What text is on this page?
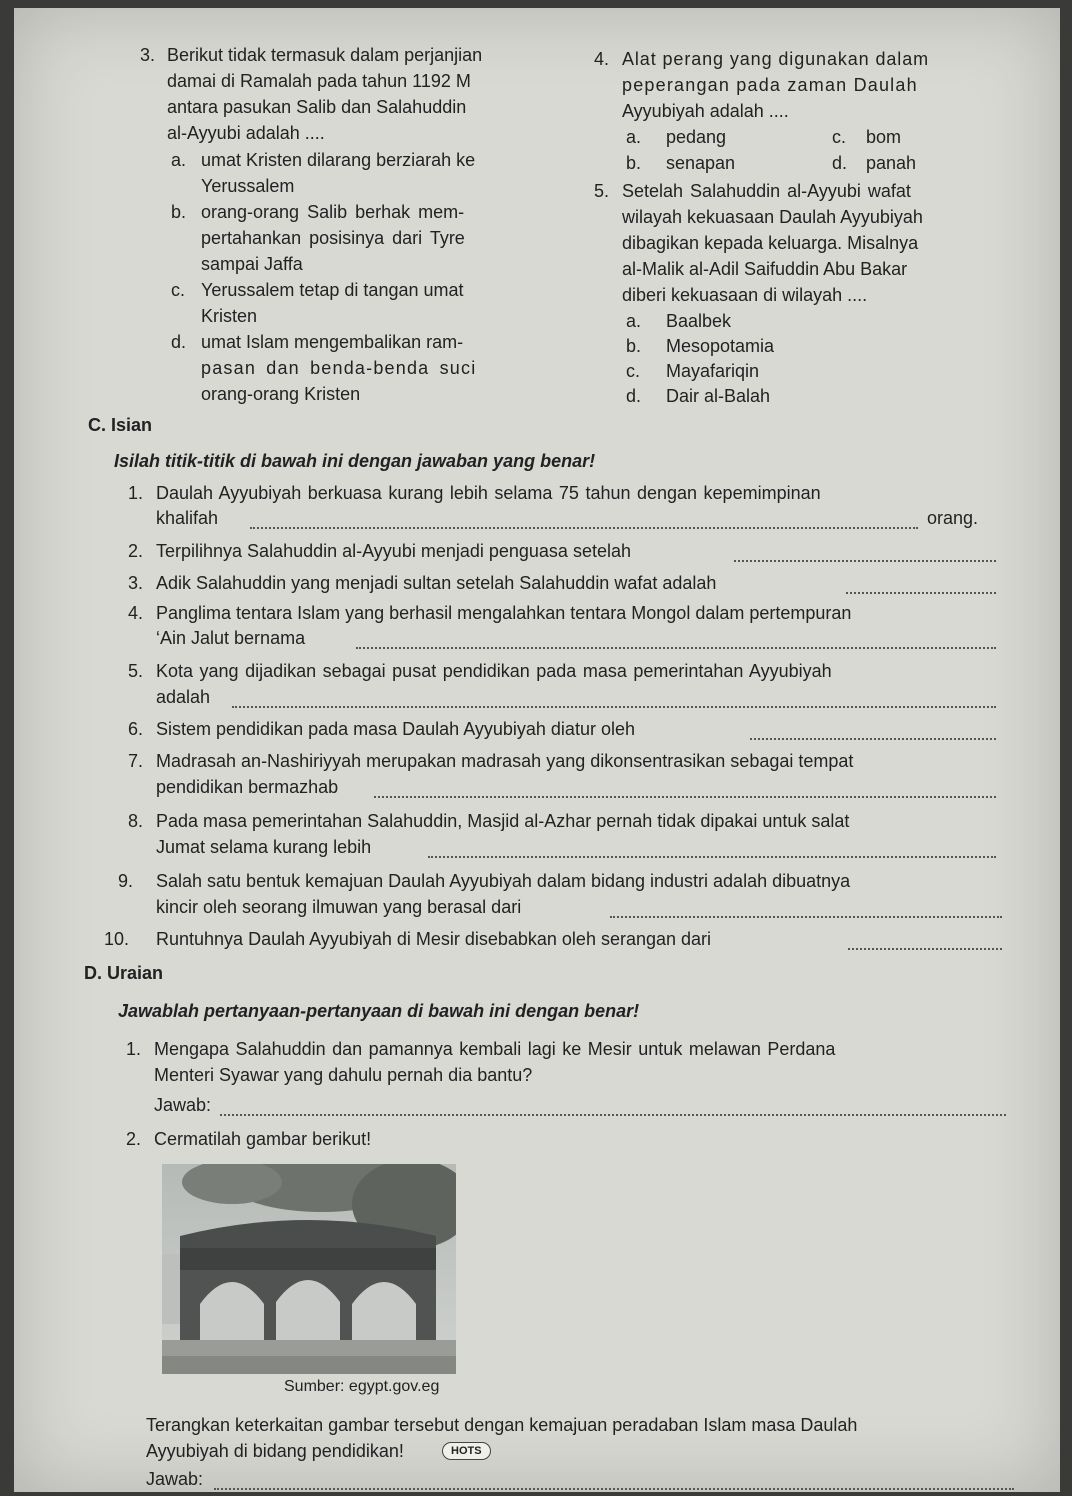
3. Berikut tidak termasuk dalam perjanjian
damai di Ramalah pada tahun 1192 M
antara pasukan Salib dan Salahuddin
al-Ayyubi adalah ....
a. umat Kristen dilarang berziarah ke
Yerussalem
b. orang-orang Salib berhak mem-
pertahankan posisinya dari Tyre
sampai Jaffa
c. Yerussalem tetap di tangan umat
Kristen
d. umat Islam mengembalikan ram-
pasan dan benda-benda suci
orang-orang Kristen
4. Alat perang yang digunakan dalam
peperangan pada zaman Daulah
Ayyubiyah adalah ....
a. pedang	c. bom
b. senapan	d. panah
5. Setelah Salahuddin al-Ayyubi wafat
wilayah kekuasaan Daulah Ayyubiyah
dibagikan kepada keluarga. Misalnya
al-Malik al-Adil Saifuddin Abu Bakar
diberi kekuasaan di wilayah ....
a. Baalbek
b. Mesopotamia
c. Mayafariqin
d. Dair al-Balah
C. Isian
Isilah titik-titik di bawah ini dengan jawaban yang benar!
1. Daulah Ayyubiyah berkuasa kurang lebih selama 75 tahun dengan kepemimpinan
khalifah	orang.
2. Terpilihnya Salahuddin al-Ayyubi menjadi penguasa setelah
3. Adik Salahuddin yang menjadi sultan setelah Salahuddin wafat adalah
4. Panglima tentara Islam yang berhasil mengalahkan tentara Mongol dalam pertempuran
‘Ain Jalut bernama
5. Kota yang dijadikan sebagai pusat pendidikan pada masa pemerintahan Ayyubiyah
adalah
6. Sistem pendidikan pada masa Daulah Ayyubiyah diatur oleh
7. Madrasah an-Nashiriyyah merupakan madrasah yang dikonsentrasikan sebagai tempat
pendidikan bermazhab
8. Pada masa pemerintahan Salahuddin, Masjid al-Azhar pernah tidak dipakai untuk salat
Jumat selama kurang lebih
9. Salah satu bentuk kemajuan Daulah Ayyubiyah dalam bidang industri adalah dibuatnya
kincir oleh seorang ilmuwan yang berasal dari
10. Runtuhnya Daulah Ayyubiyah di Mesir disebabkan oleh serangan dari
D. Uraian
Jawablah pertanyaan-pertanyaan di bawah ini dengan benar!
1. Mengapa Salahuddin dan pamannya kembali lagi ke Mesir untuk melawan Perdana
Menteri Syawar yang dahulu pernah dia bantu?
Jawab:
2. Cermatilah gambar berikut!
Sumber: egypt.gov.eg
Terangkan keterkaitan gambar tersebut dengan kemajuan peradaban Islam masa Daulah
Ayyubiyah di bidang pendidikan!	HOTS
Jawab:
